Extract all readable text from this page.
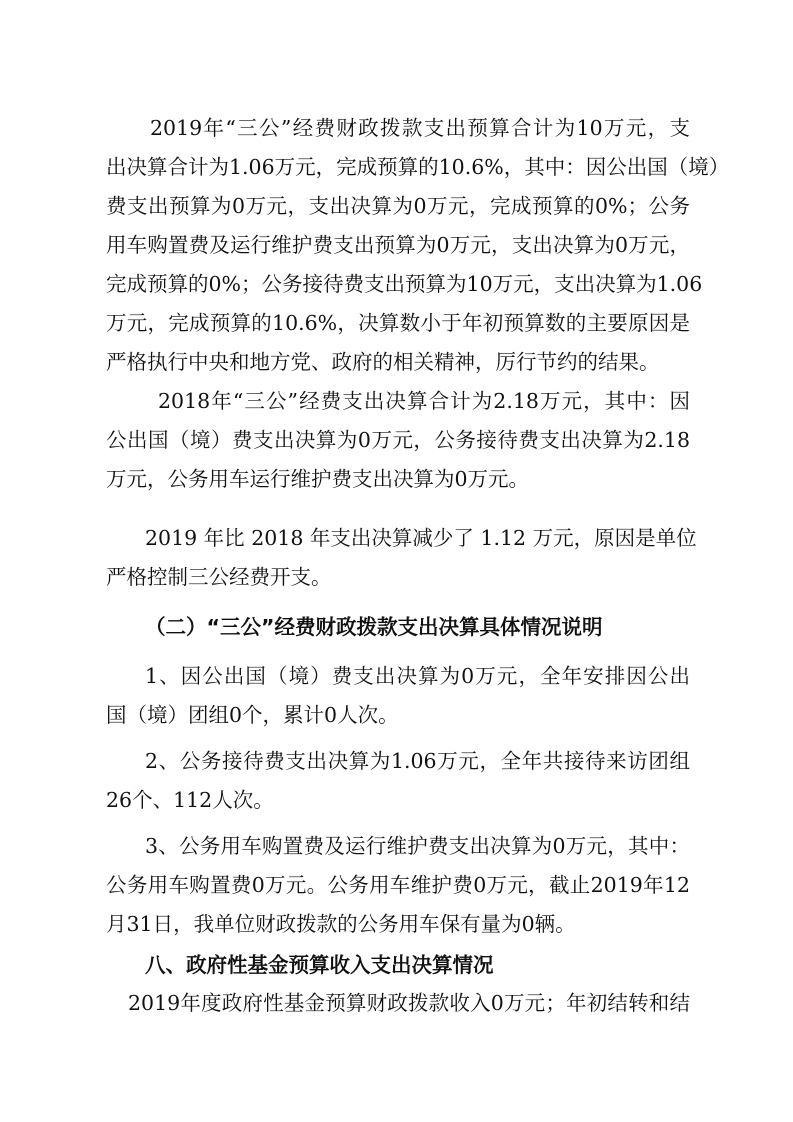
2019年“三公”经费财政拨款支出预算合计为10万元，支
出决算合计为1.06万元，完成预算的10.6%，其中：因公出国（境）
费支出预算为0万元，支出决算为0万元，完成预算的0%；公务
用车购置费及运行维护费支出预算为0万元，支出决算为0万元，
完成预算的0%；公务接待费支出预算为10万元，支出决算为1.06
万元，完成预算的10.6%，决算数小于年初预算数的主要原因是
严格执行中央和地方党、政府的相关精神，厉行节约的结果。
2018年“三公”经费支出决算合计为2.18万元，其中：因
公出国（境）费支出决算为0万元，公务接待费支出决算为2.18
万元，公务用车运行维护费支出决算为0万元。
2019 年比 2018 年支出决算减少了 1.12 万元，原因是单位
严格控制三公经费开支。
（二）“三公”经费财政拨款支出决算具体情况说明
1、因公出国（境）费支出决算为0万元，全年安排因公出
国（境）团组0个，累计0人次。
2、公务接待费支出决算为1.06万元，全年共接待来访团组
26个、112人次。
3、公务用车购置费及运行维护费支出决算为0万元，其中：
公务用车购置费0万元。公务用车维护费0万元，截止2019年12
月31日，我单位财政拨款的公务用车保有量为0辆。
八、政府性基金预算收入支出决算情况
2019年度政府性基金预算财政拨款收入0万元；年初结转和结
